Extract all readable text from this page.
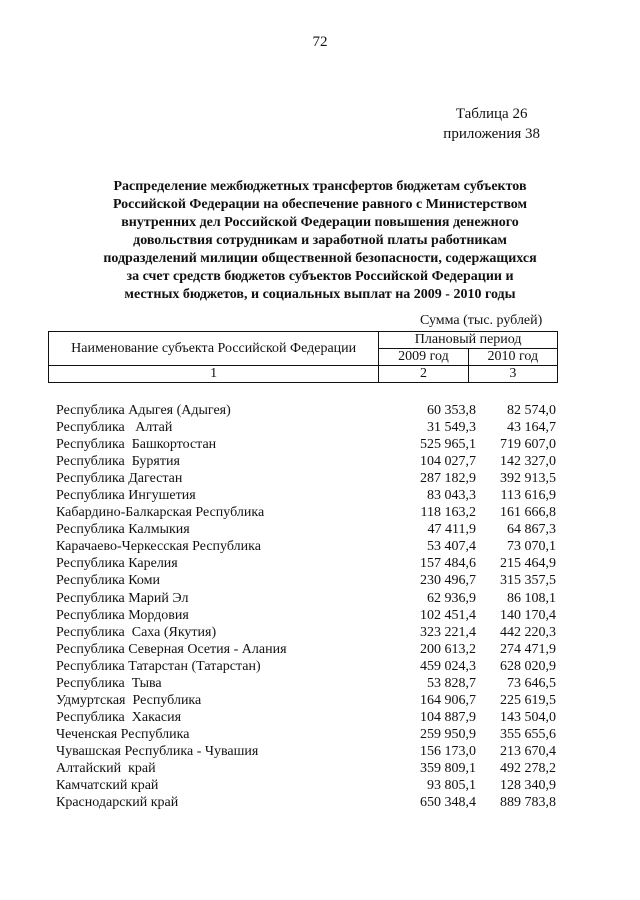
72
Таблица 26
приложения 38
Распределение межбюджетных трансфертов бюджетам субъектов
Российской Федерации на обеспечение равного с Министерством
внутренних дел Российской Федерации повышения денежного
довольствия сотрудникам и заработной платы работникам
подразделений милиции общественной безопасности, содержащихся
за счет средств бюджетов субъектов Российской Федерации и
местных бюджетов, и социальных выплат на 2009 - 2010 годы
Сумма (тыс. рублей)
Наименование субъекта Российской Федерации	Плановый период	
	2009 год	2010 год
1	2	3
Республика Адыгея (Адыгея)	60 353,8	82 574,0
Республика   Алтай	31 549,3	43 164,7
Республика  Башкортостан	525 965,1	719 607,0
Республика  Бурятия	104 027,7	142 327,0
Республика Дагестан	287 182,9	392 913,5
Республика Ингушетия	83 043,3	113 616,9
Кабардино-Балкарская Республика	118 163,2	161 666,8
Республика Калмыкия	47 411,9	64 867,3
Карачаево-Черкесская Республика	53 407,4	73 070,1
Республика Карелия	157 484,6	215 464,9
Республика Коми	230 496,7	315 357,5
Республика Марий Эл	62 936,9	86 108,1
Республика Мордовия	102 451,4	140 170,4
Республика  Саха (Якутия)	323 221,4	442 220,3
Республика Северная Осетия - Алания	200 613,2	274 471,9
Республика Татарстан (Татарстан)	459 024,3	628 020,9
Республика  Тыва	53 828,7	73 646,5
Удмуртская  Республика	164 906,7	225 619,5
Республика  Хакасия	104 887,9	143 504,0
Чеченская Республика	259 950,9	355 655,6
Чувашская Республика - Чувашия	156 173,0	213 670,4
Алтайский  край	359 809,1	492 278,2
Камчатский край	93 805,1	128 340,9
Краснодарский край	650 348,4	889 783,8
